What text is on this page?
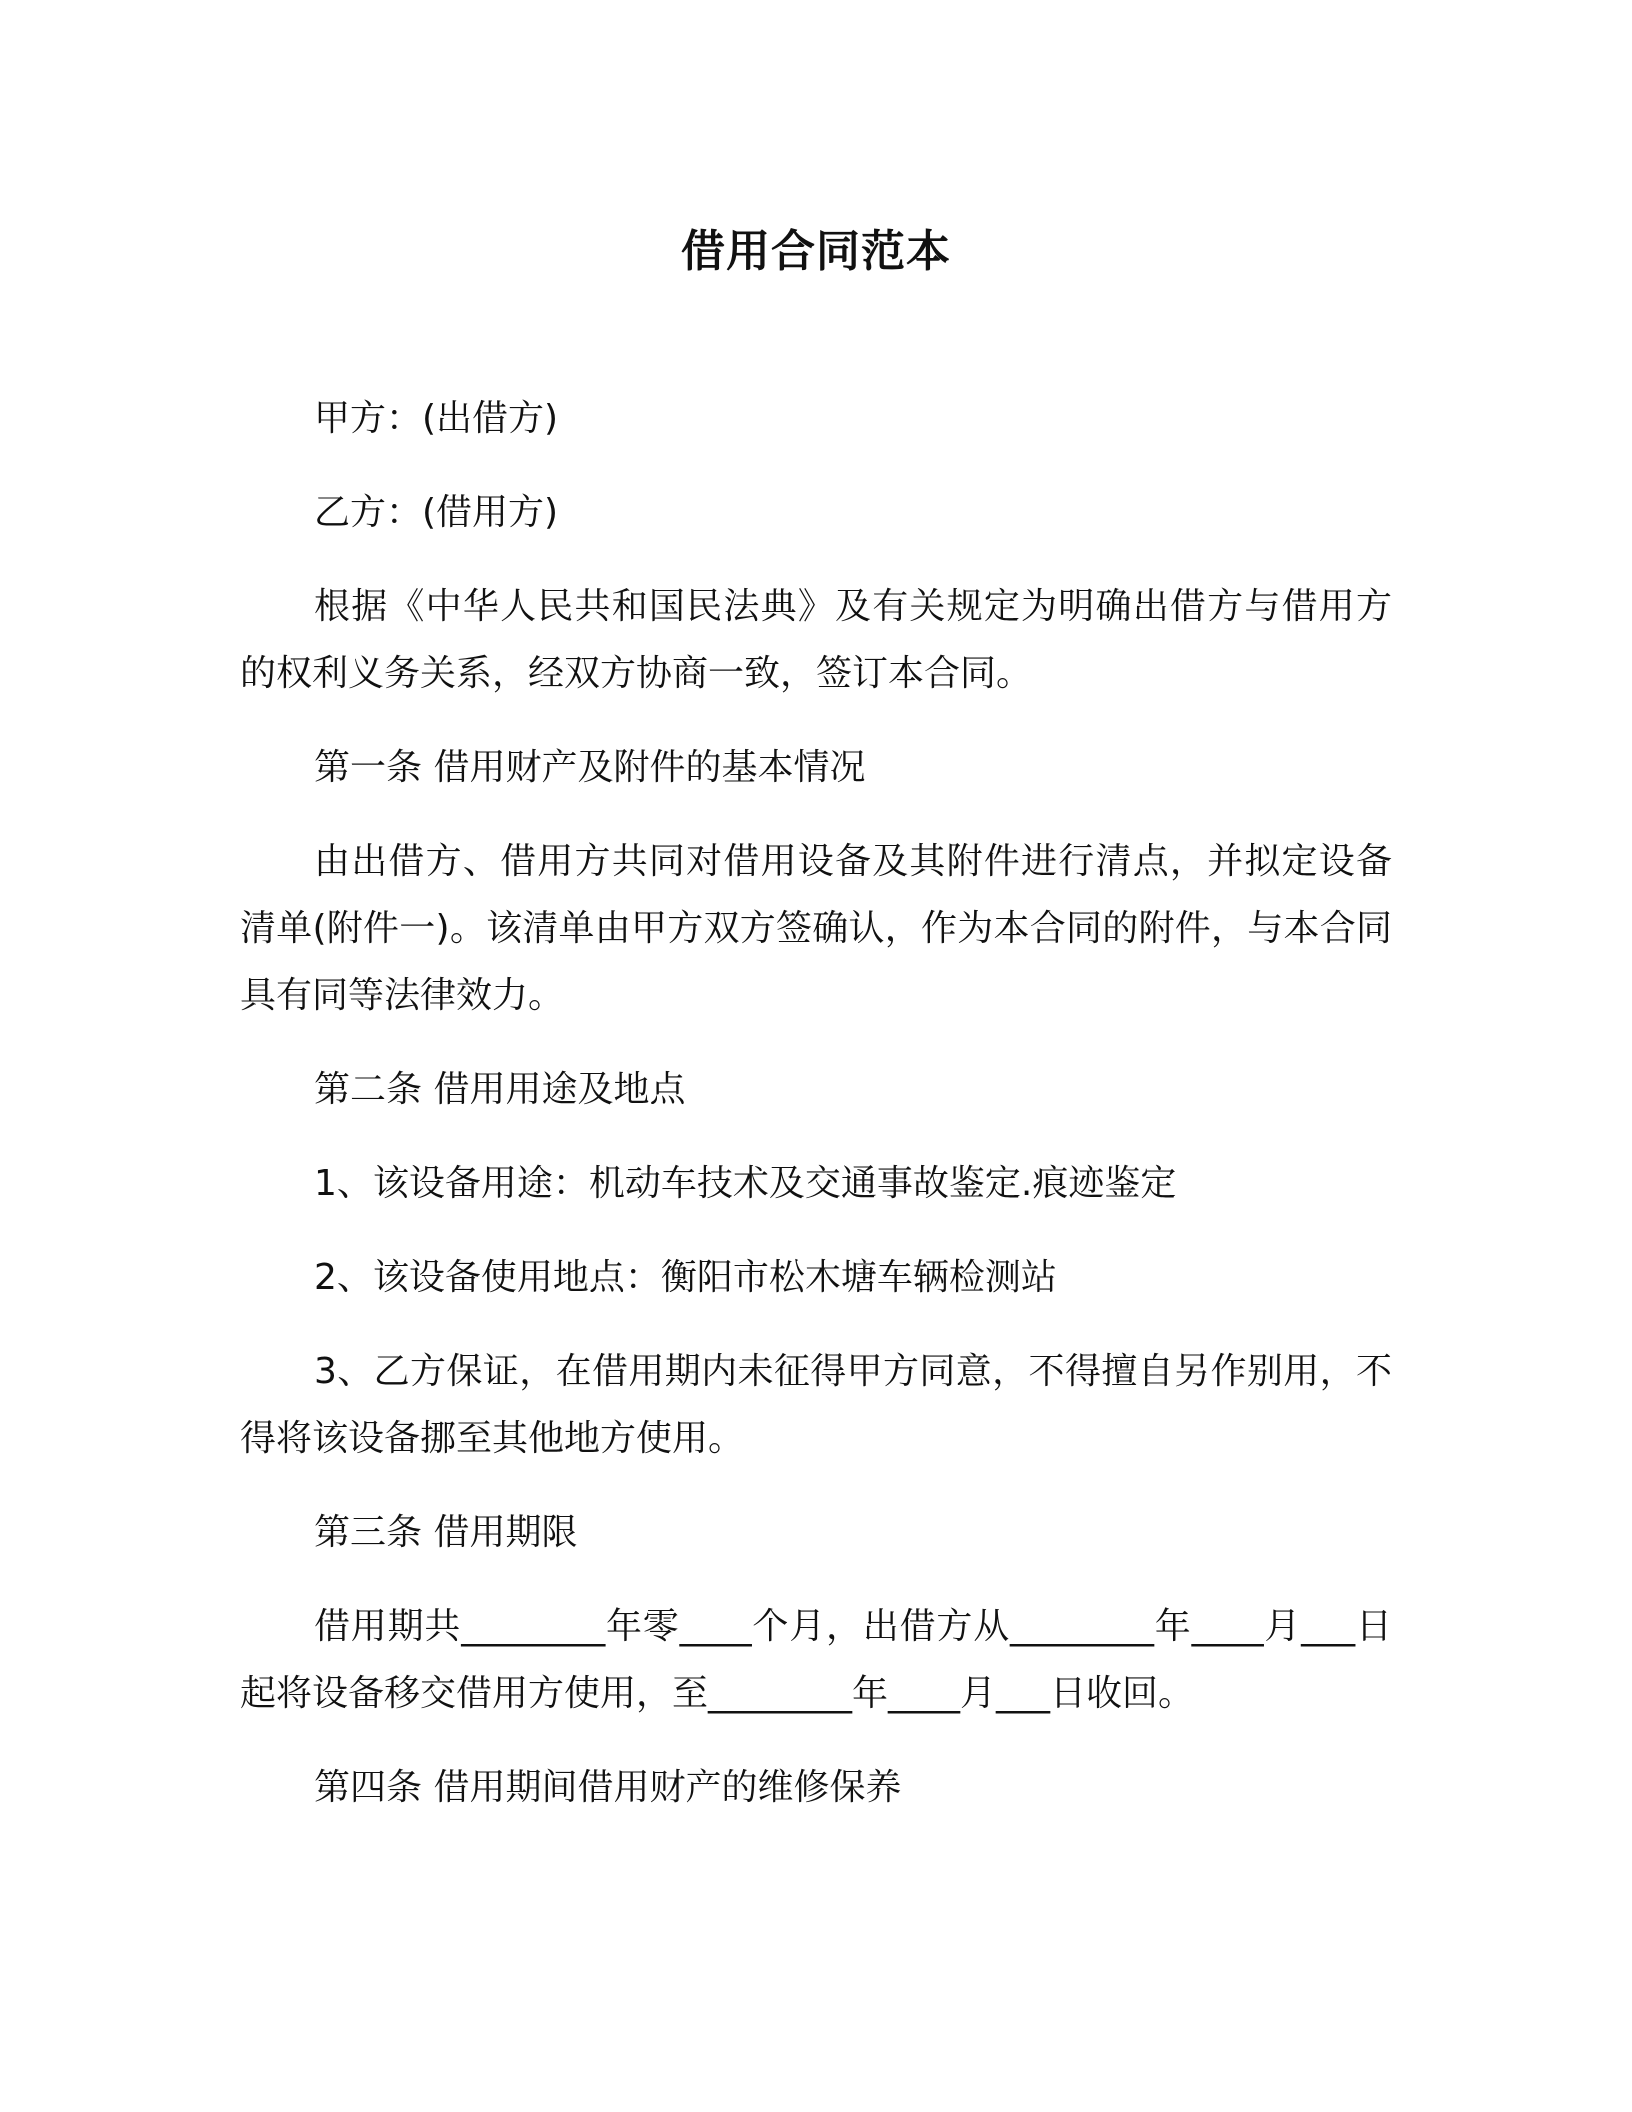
借用合同范本

甲方：(出借方)

乙方：(借用方)

根据《中华人民共和国民法典》及有关规定为明确出借方与借用方的权利义务关系，经双方协商一致，签订本合同。

第一条 借用财产及附件的基本情况

由出借方、借用方共同对借用设备及其附件进行清点，并拟定设备清单(附件一)。该清单由甲方双方签确认，作为本合同的附件，与本合同具有同等法律效力。

第二条 借用用途及地点

1、该设备用途：机动车技术及交通事故鉴定.痕迹鉴定

2、该设备使用地点：衡阳市松木塘车辆检测站

3、乙方保证，在借用期内未征得甲方同意，不得擅自另作别用，不得将该设备挪至其他地方使用。

第三条 借用期限

借用期共________年零____个月，出借方从________年____月___日起将设备移交借用方使用，至________年____月___日收回。

第四条 借用期间借用财产的维修保养
